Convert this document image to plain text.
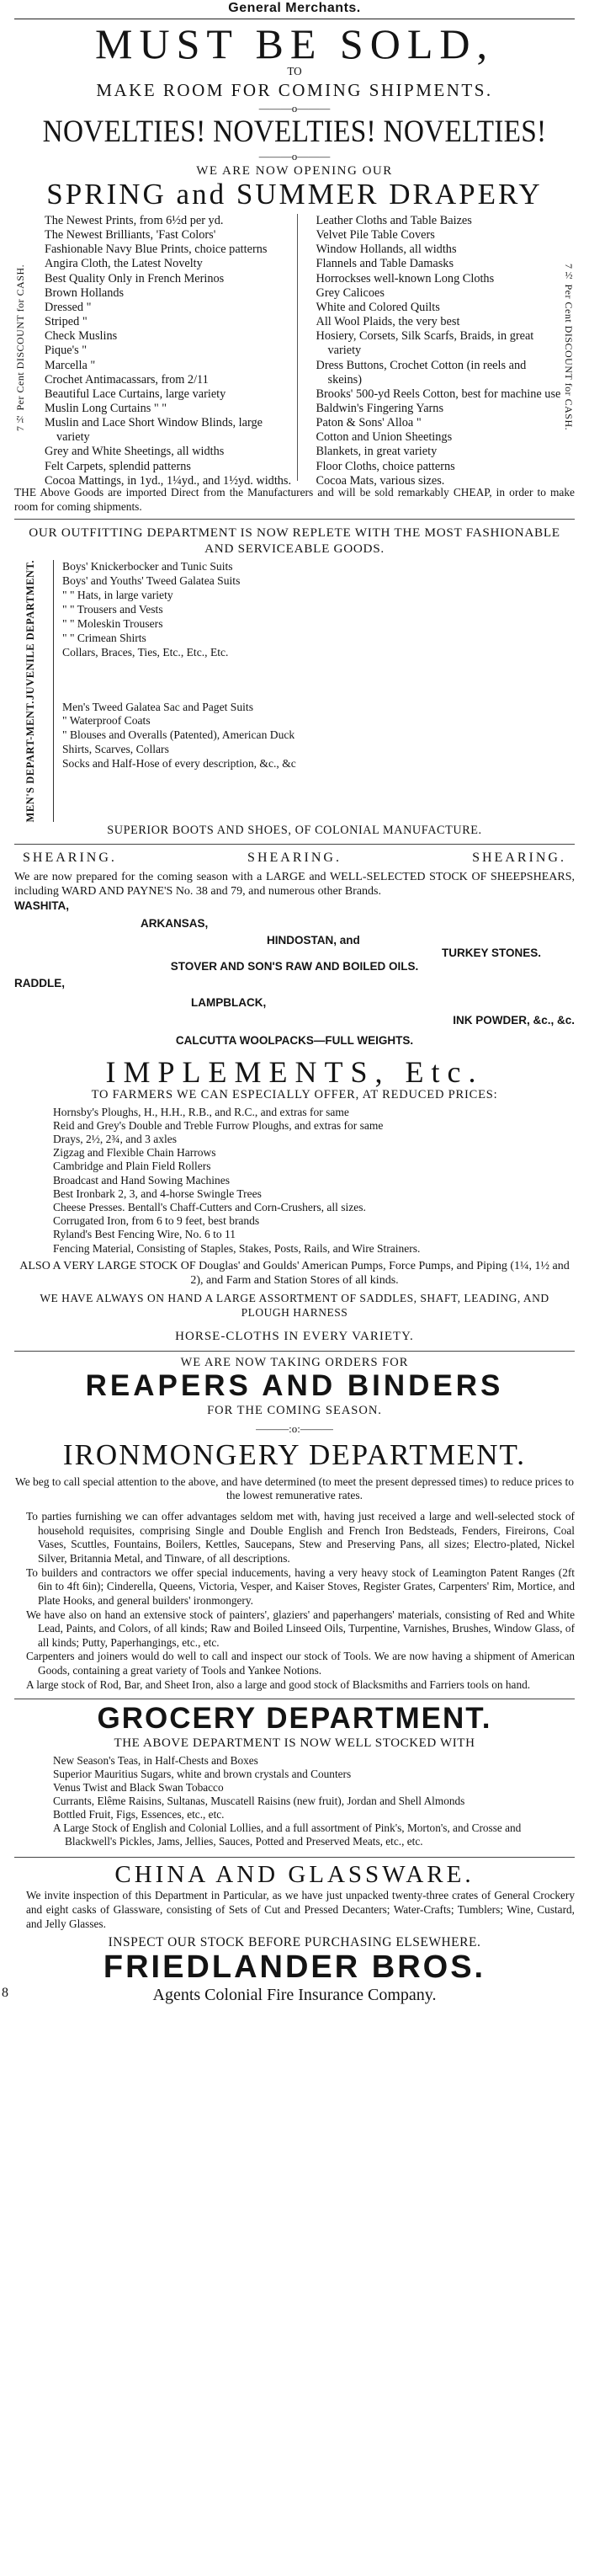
General Merchants.
MUST BE SOLD,
TO
MAKE ROOM FOR COMING SHIPMENTS.
———o———
NOVELTIES! NOVELTIES! NOVELTIES!
———o———
WE ARE NOW OPENING OUR
SPRING and SUMMER DRAPERY
7½ Per Cent DISCOUNT for CASH.
The Newest Prints, from 6½d per yd.
The Newest Brilliants, 'Fast Colors'
Fashionable Navy Blue Prints, choice patterns
Angira Cloth, the Latest Novelty
Best Quality Only in French Merinos
Brown Hollands
Dressed "
Striped "
Check Muslins
Pique's "
Marcella "
Crochet Antimacassars, from 2/11
Beautiful Lace Curtains, large variety
Muslin Long Curtains " "
Muslin and Lace Short Window Blinds, large variety
Grey and White Sheetings, all widths
Felt Carpets, splendid patterns
Cocoa Mattings, in 1yd., 1¼yd., and 1½yd. widths.
Leather Cloths and Table Baizes
Velvet Pile Table Covers
Window Hollands, all widths
Flannels and Table Damasks
Horrockses well-known Long Cloths
Grey Calicoes
White and Colored Quilts
All Wool Plaids, the very best
Hosiery, Corsets, Silk Scarfs, Braids, in great variety
Dress Buttons, Crochet Cotton (in reels and skeins)
Brooks' 500-yd Reels Cotton, best for machine use
Baldwin's Fingering Yarns
Paton & Sons' Alloa "
Cotton and Union Sheetings
Blankets, in great variety
Floor Cloths, choice patterns
Cocoa Mats, various sizes.
7½ Per Cent DISCOUNT for CASH.
THE Above Goods are imported Direct from the Manufacturers and will be sold remarkably CHEAP, in order to make room for coming shipments.
OUR OUTFITTING DEPARTMENT IS NOW REPLETE WITH THE MOST FASHIONABLE AND SERVICEABLE GOODS.
JUVENILE DEPARTMENT.	Boys' Knickerbocker and Tunic Suits
Boys' and Youths' Tweed Galatea Suits
" " Hats, in large variety
" " Trousers and Vests
" " Moleskin Trousers
" " Crimean Shirts
Collars, Braces, Ties, Etc., Etc., Etc.
MEN'S DEPART-MENT.	Men's Tweed Galatea Sac and Paget Suits
" Waterproof Coats
" Blouses and Overalls (Patented), American Duck
Shirts, Scarves, Collars
Socks and Half-Hose of every description, &c., &c
SUPERIOR BOOTS AND SHOES, OF COLONIAL MANUFACTURE.
SHEARING.	SHEARING.	SHEARING.
We are now prepared for the coming season with a LARGE and WELL-SELECTED STOCK OF SHEEPSHEARS, including WARD AND PAYNE'S No. 38 and 79, and numerous other Brands.
WASHITA,
ARKANSAS,
HINDOSTAN, and
TURKEY STONES.
STOVER AND SON'S RAW AND BOILED OILS.
RADDLE,
LAMPBLACK,
INK POWDER, &c., &c.
CALCUTTA WOOLPACKS—FULL WEIGHTS.
IMPLEMENTS, Etc.
TO FARMERS WE CAN ESPECIALLY OFFER, AT REDUCED PRICES:
Hornsby's Ploughs, H., H.H., R.B., and R.C., and extras for same
Reid and Grey's Double and Treble Furrow Ploughs, and extras for same
Drays, 2½, 2¾, and 3 axles
Zigzag and Flexible Chain Harrows
Cambridge and Plain Field Rollers
Broadcast and Hand Sowing Machines
Best Ironbark 2, 3, and 4-horse Swingle Trees
Cheese Presses. Bentall's Chaff-Cutters and Corn-Crushers, all sizes.
Corrugated Iron, from 6 to 9 feet, best brands
Ryland's Best Fencing Wire, No. 6 to 11
Fencing Material, Consisting of Staples, Stakes, Posts, Rails, and Wire Strainers.
ALSO A VERY LARGE STOCK OF Douglas' and Goulds' American Pumps, Force Pumps, and Piping (1¼, 1½ and 2), and Farm and Station Stores of all kinds.
WE HAVE ALWAYS ON HAND A LARGE ASSORTMENT OF SADDLES, SHAFT, LEADING, AND PLOUGH HARNESS
HORSE-CLOTHS IN EVERY VARIETY.
WE ARE NOW TAKING ORDERS FOR
REAPERS AND BINDERS
FOR THE COMING SEASON.
———:o:———
IRONMONGERY DEPARTMENT.
We beg to call special attention to the above, and have determined (to meet the present depressed times) to reduce prices to the lowest remunerative rates.
To parties furnishing we can offer advantages seldom met with, having just received a large and well-selected stock of household requisites, comprising Single and Double English and French Iron Bedsteads, Fenders, Fireirons, Coal Vases, Scuttles, Fountains, Boilers, Kettles, Saucepans, Stew and Preserving Pans, all sizes; Electro-plated, Nickel Silver, Britannia Metal, and Tinware, of all descriptions.
To builders and contractors we offer special inducements, having a very heavy stock of Leamington Patent Ranges (2ft 6in to 4ft 6in); Cinderella, Queens, Victoria, Vesper, and Kaiser Stoves, Register Grates, Carpenters' Rim, Mortice, and Plate Hooks, and general builders' ironmongery.
We have also on hand an extensive stock of painters', glaziers' and paperhangers' materials, consisting of Red and White Lead, Paints, and Colors, of all kinds; Raw and Boiled Linseed Oils, Turpentine, Varnishes, Brushes, Window Glass, of all kinds; Putty, Paperhangings, etc., etc.
Carpenters and joiners would do well to call and inspect our stock of Tools. We are now having a shipment of American Goods, containing a great variety of Tools and Yankee Notions.
A large stock of Rod, Bar, and Sheet Iron, also a large and good stock of Blacksmiths and Farriers tools on hand.
GROCERY DEPARTMENT.
THE ABOVE DEPARTMENT IS NOW WELL STOCKED WITH
New Season's Teas, in Half-Chests and Boxes
Superior Mauritius Sugars, white and brown crystals and Counters
Venus Twist and Black Swan Tobacco
Currants, Elême Raisins, Sultanas, Muscatell Raisins (new fruit), Jordan and Shell Almonds
Bottled Fruit, Figs, Essences, etc., etc.
A Large Stock of English and Colonial Lollies, and a full assortment of Pink's, Morton's, and Crosse and Blackwell's Pickles, Jams, Jellies, Sauces, Potted and Preserved Meats, etc., etc.
CHINA AND GLASSWARE.
We invite inspection of this Department in Particular, as we have just unpacked twenty-three crates of General Crockery and eight casks of Glassware, consisting of Sets of Cut and Pressed Decanters; Water-Crafts; Tumblers; Wine, Custard, and Jelly Glasses.
INSPECT OUR STOCK BEFORE PURCHASING ELSEWHERE.
FRIEDLANDER BROS.
8	Agents Colonial Fire Insurance Company.
